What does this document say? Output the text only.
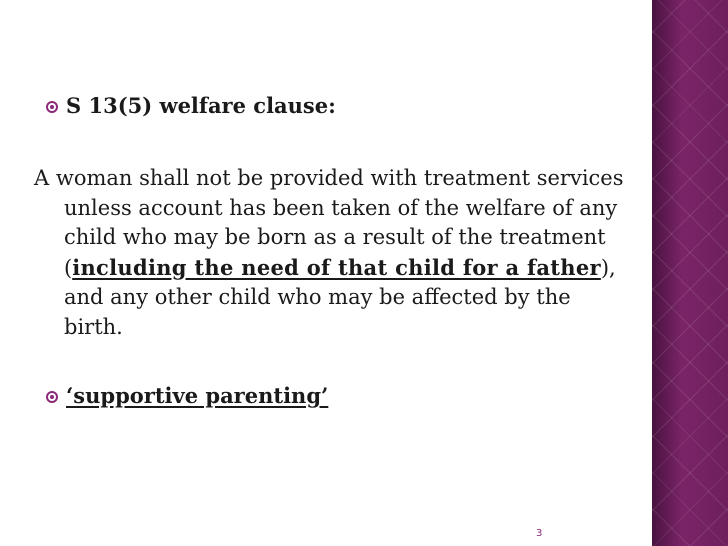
S 13(5) welfare clause:
A woman shall not be provided with treatment services unless account has been taken of the welfare of any child who may be born as a result of the treatment (including the need of that child for a father), and any other child who may be affected by the birth.
‘supportive parenting’
3
